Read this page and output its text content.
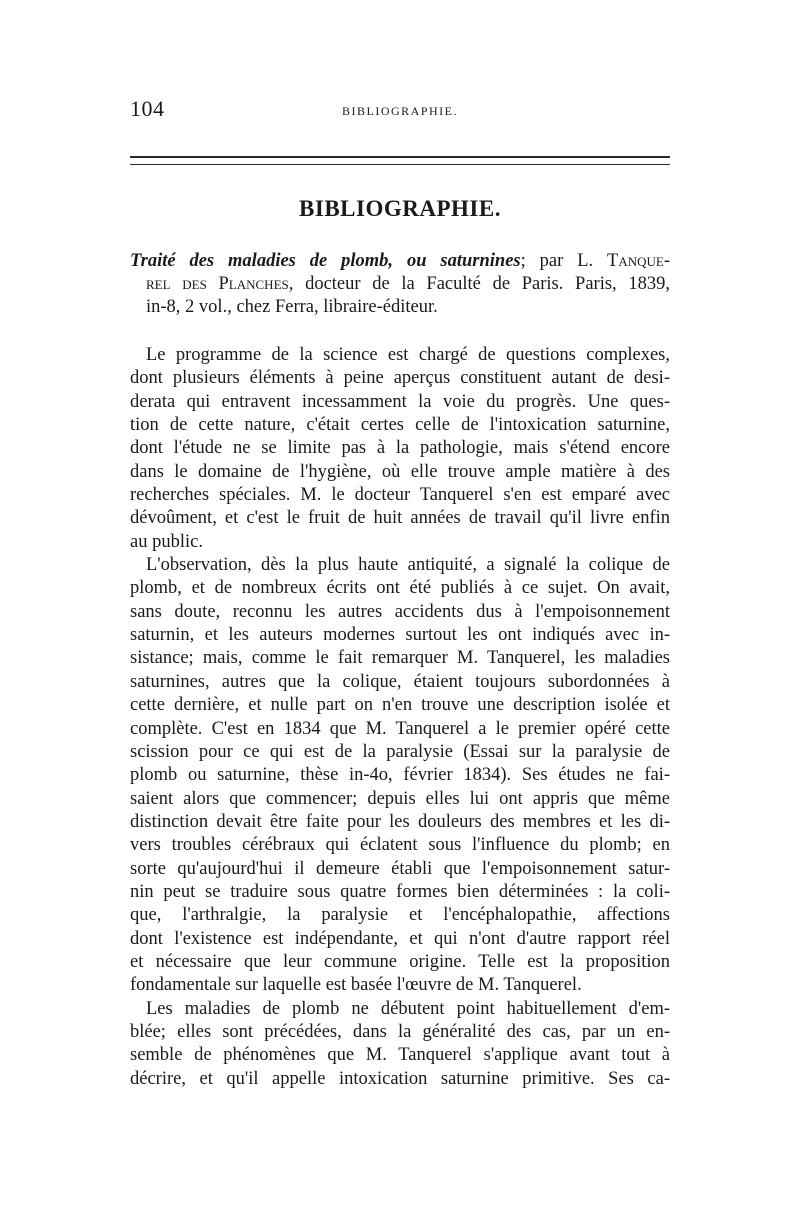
104	BIBLIOGRAPHIE.
BIBLIOGRAPHIE.

Traité des maladies de plomb, ou saturnines; par L. Tanque-

rel des Planches, docteur de la Faculté de Paris. Paris, 1839,

in-8, 2 vol., chez Ferra, libraire-éditeur.

Le programme de la science est chargé de questions complexes,
dont plusieurs éléments à peine aperçus constituent autant de desi-
derata qui entravent incessamment la voie du progrès. Une ques-
tion de cette nature, c'était certes celle de l'intoxication saturnine,
dont l'étude ne se limite pas à la pathologie, mais s'étend encore
dans le domaine de l'hygiène, où elle trouve ample matière à des
recherches spéciales. M. le docteur Tanquerel s'en est emparé avec
dévoûment, et c'est le fruit de huit années de travail qu'il livre enfin
au public.
L'observation, dès la plus haute antiquité, a signalé la colique de
plomb, et de nombreux écrits ont été publiés à ce sujet. On avait,
sans doute, reconnu les autres accidents dus à l'empoisonnement
saturnin, et les auteurs modernes surtout les ont indiqués avec in-
sistance; mais, comme le fait remarquer M. Tanquerel, les maladies
saturnines, autres que la colique, étaient toujours subordonnées à
cette dernière, et nulle part on n'en trouve une description isolée et
complète. C'est en 1834 que M. Tanquerel a le premier opéré cette
scission pour ce qui est de la paralysie (Essai sur la paralysie de
plomb ou saturnine, thèse in-4o, février 1834). Ses études ne fai-
saient alors que commencer; depuis elles lui ont appris que même
distinction devait être faite pour les douleurs des membres et les di-
vers troubles cérébraux qui éclatent sous l'influence du plomb; en
sorte qu'aujourd'hui il demeure établi que l'empoisonnement satur-
nin peut se traduire sous quatre formes bien déterminées : la coli-
que, l'arthralgie, la paralysie et l'encéphalopathie, affections
dont l'existence est indépendante, et qui n'ont d'autre rapport réel
et nécessaire que leur commune origine. Telle est la proposition
fondamentale sur laquelle est basée l'œuvre de M. Tanquerel.
Les maladies de plomb ne débutent point habituellement d'em-
blée; elles sont précédées, dans la généralité des cas, par un en-
semble de phénomènes que M. Tanquerel s'applique avant tout à
décrire, et qu'il appelle intoxication saturnine primitive. Ses ca-
